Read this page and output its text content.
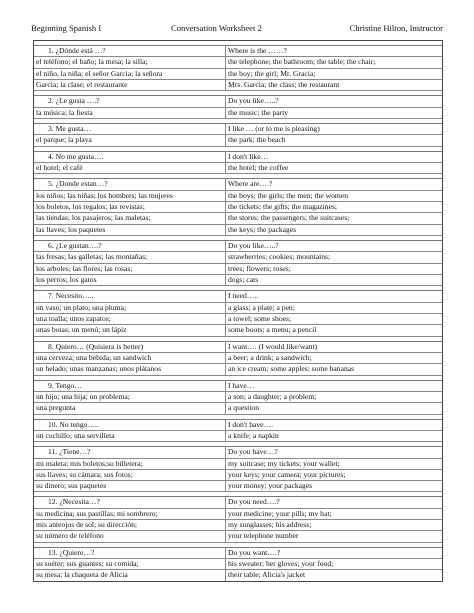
Beginning Spanish I	Conversation Worksheet 2	Christine Hilton, Instructor
1. ¿Dónde está …?	Where is the ……?
el teléfono; el baño; la mesa; la silla;	the telephone; the bathroom; the table; the chair;
el niño, la niña; el señor Garcia; la señora	the boy; the girl; Mr. Gracia;
Garcia; la clase; el restaurante	Mrs. Garcia; the class; the restaurant
2. ¿Le gusta ….?	Do you like…..?
la música; la fiesta	the music; the party
3. Me gusta…	I like … (or to me is pleasing)
el parque; la playa	the park; the beach
4. No me gusta….	I don't like…
el hotel; el café	the hotel; the coffee
5. ¿Donde estan…?	Where are….?
los niños; las niñas; los hombres; las mujeres	the boys; the girls; the men; the women
los boletos, los regalos; las revistas;	the tickets; the gifts; the magazines;
las tiendas; los pasajeros; las maletas;	the stores; the passengers; the suitcases;
las llaves; los paquetes	the keys; the packages
6. ¿Le gustan….?	Do you like…..?
las fresas; las galletas; las montañas;	strawberries; cookies; mountains;
los arboles; las flores; las rosas;	trees; flowers; roses;
los perros; los gatos	dogs; cats
7. Necesito…..	I need…..
un vaso; un plato; una pluma;	a glass; a plate; a pen;
una toalla; unos zapatos;	a towel; some shoes;
unas botas; un menú; un lápiz	some boots; a menu; a pencil
8. Quiero… (Quisiera is better)	I want…. (I would like/want)
una cerveza; una bebida; un sandwich	a beer; a drink; a sandwich;
un helado; unas manzanas; unos plátanos	an ice cream; some apples; some bananas
9. Tengo…	I have…
un hijo; una hija; un problema;	a son; a daughter; a problem;
una pregunta	a question
10. No tengo…..	I don't have….
un cuchillo; una servilleta	a knife; a napkin
11. ¿Tiene…?	Do you have…?
mi maleta; mis boletos;su billetera;	my suitcase; my tickets; your wallet;
sus llaves; su cámara; sus fotos;	your keys; your camera; your pictures;
su dinero; sus paquetes	your money; your packages
12. ¿Necesita…?	Do you need….?
su medicina; sus pastillas; mi sombrero;	your medicine; your pills; my hat;
mis anteojos de sol; su dirección;	my sunglasses; his address;
su número de teléfono	your telephone number
13. ¿Quiere…?	Do you want….?
su suéter; sus guantes; su comida;	his sweater; her gloves; your food;
su mesa; la chaqueta de Alicia	their table; Alicia's jacket
